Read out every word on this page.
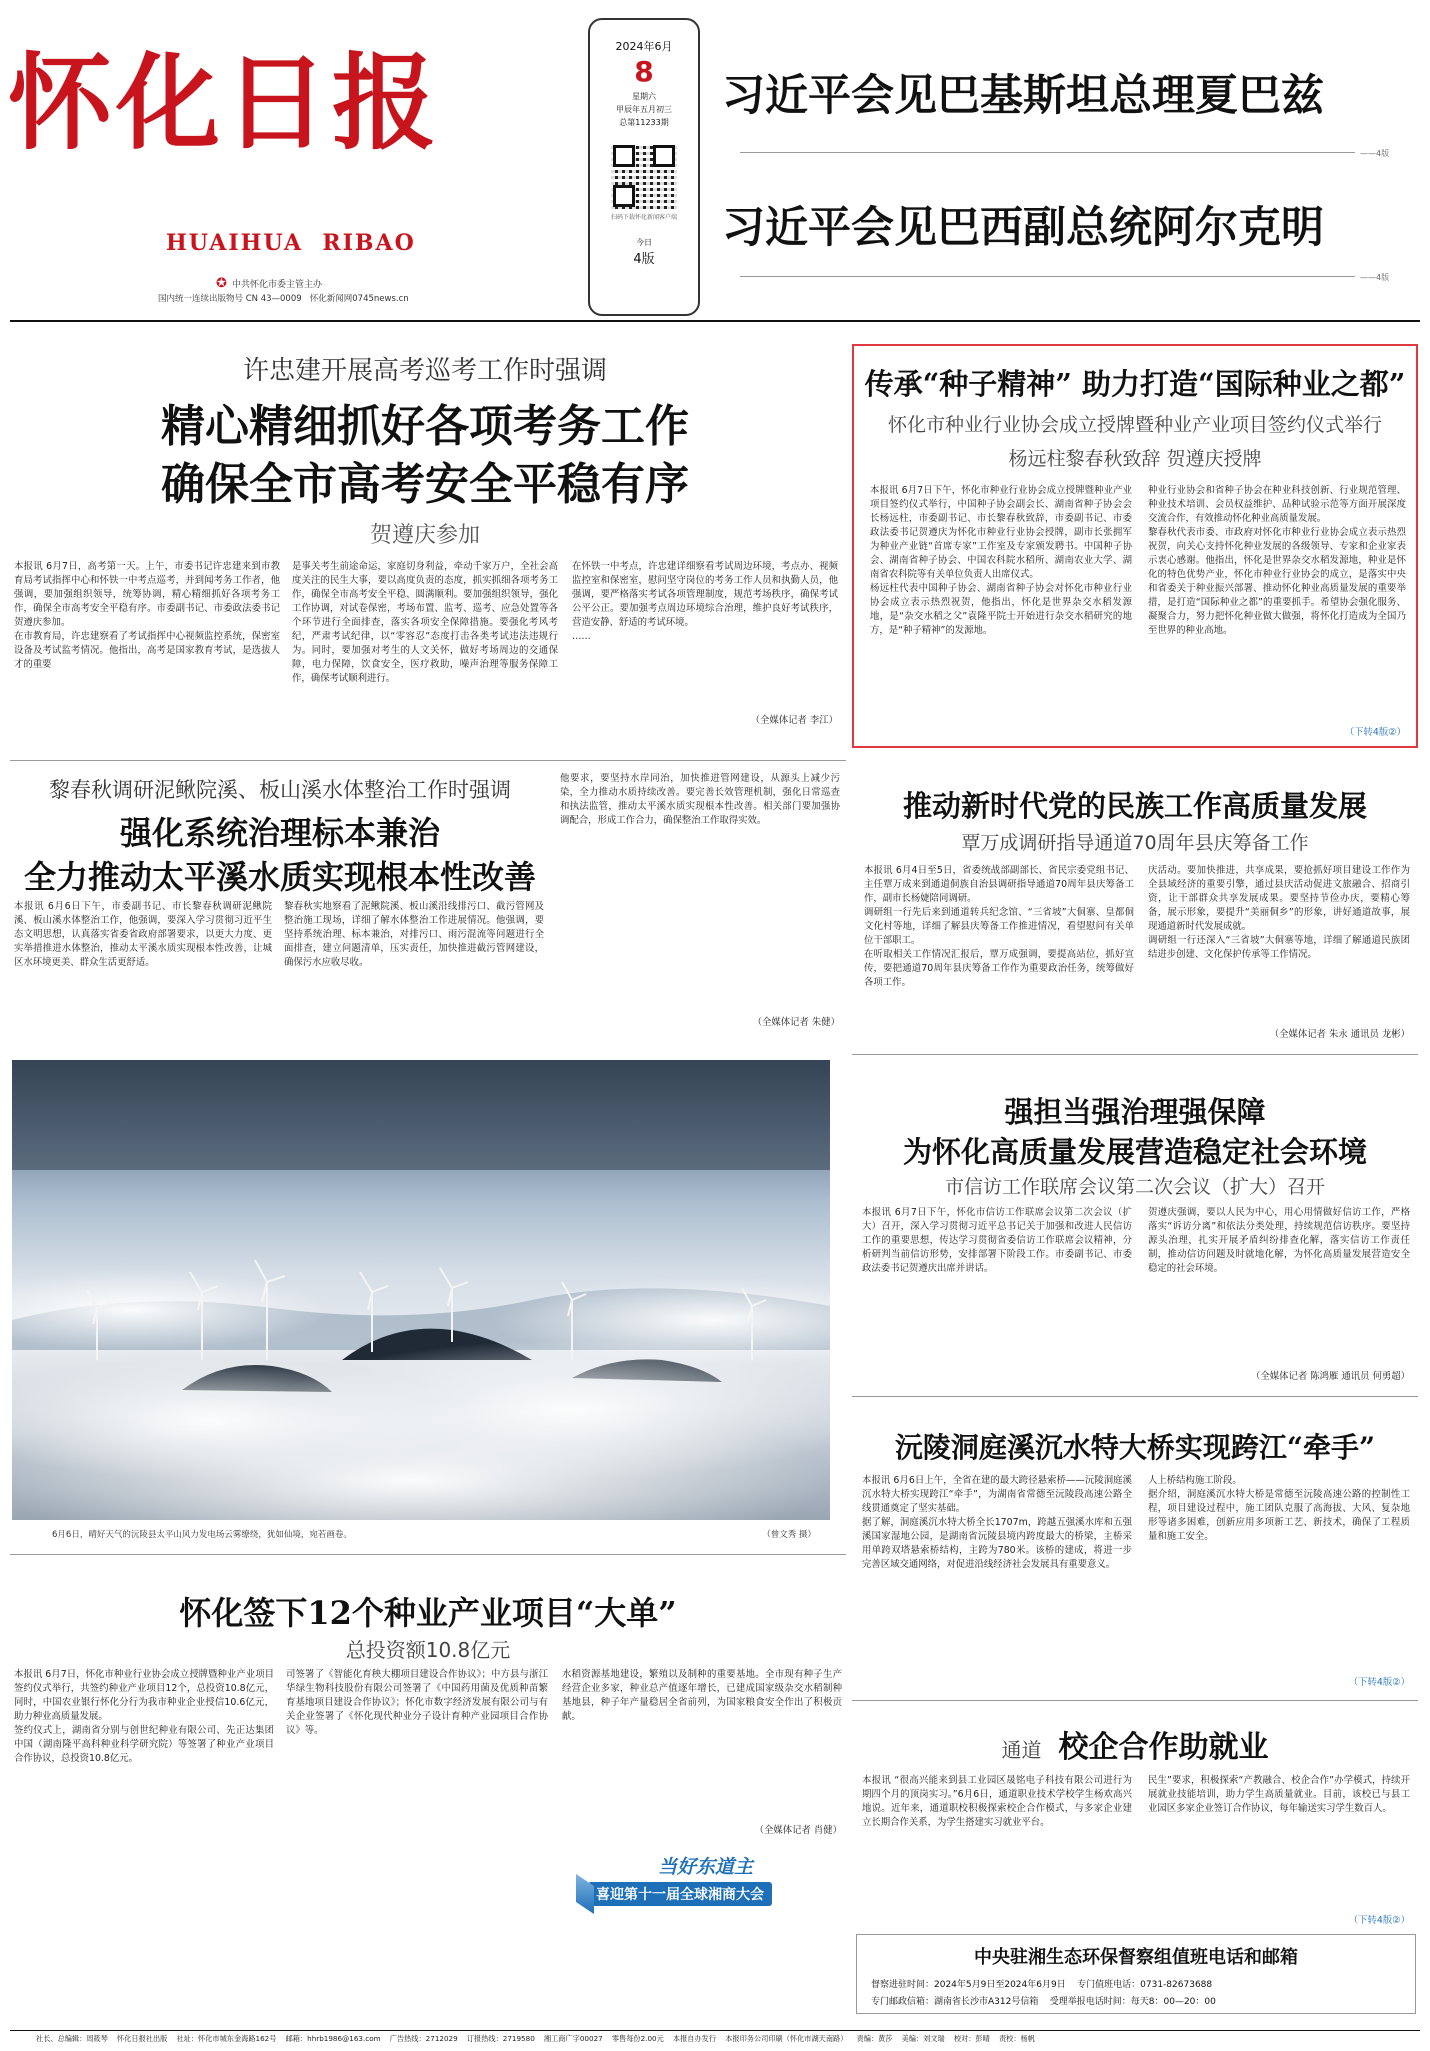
怀化日报
HUAIHUA  RIBAO
✪ 中共怀化市委主管主办
国内统一连续出版物号 CN 43—0009 怀化新闻网0745news.cn
2024年6月
8
星期六
甲辰年五月初三
总第11233期
扫码下载怀化新闻客户端
今日
4版
习近平会见巴基斯坦总理夏巴兹
——4版
习近平会见巴西副总统阿尔克明
——4版
许忠建开展高考巡考工作时强调
精心精细抓好各项考务工作
确保全市高考安全平稳有序
贺遵庆参加

本报讯 6月7日，高考第一天。上午，市委书记许忠建来到市教育局考试指挥中心和怀铁一中考点巡考，并到闻考务工作者，他强调，要加强组织领导，统筹协调，精心精细抓好各项考务工作，确保全市高考安全平稳有序。市委副书记、市委政法委书记贺遵庆参加。
在市教育局，许忠建察看了考试指挥中心视频监控系统，保密室设备及考试监考情况。他指出，高考是国家教育考试，是选拔人才的重要

是事关考生前途命运，家庭切身利益，牵动千家万户，全社会高度关注的民生大事，要以高度负责的态度，抓实抓细各项考务工作，确保全市高考安全平稳、圆满顺利。要加强组织领导，强化工作协调，对试卷保密，考场布置、监考、巡考、应急处置等各个环节进行全面排查，落实各项安全保障措施。要强化考风考纪，严肃考试纪律，以“零容忍”态度打击各类考试违法违规行为。同时，要加强对考生的人文关怀，做好考场周边的交通保障，电力保障，饮食安全，医疗救助，噪声治理等服务保障工作，确保考试顺利进行。

在怀铁一中考点，许忠建详细察看考试周边环境，考点办、视频监控室和保密室，慰问坚守岗位的考务工作人员和执勤人员，他强调，要严格落实考试各项管理制度，规范考场秩序，确保考试公平公正。要加强考点周边环境综合治理，维护良好考试秩序，营造安静、舒适的考试环境。
……

（全媒体记者 李江）
传承“种子精神” 助力打造“国际种业之都”
怀化市种业行业协会成立授牌暨种业产业项目签约仪式举行
杨远柱黎春秋致辞 贺遵庆授牌

本报讯 6月7日下午，怀化市种业行业协会成立授牌暨种业产业项目签约仪式举行，中国种子协会副会长、湖南省种子协会会长杨远柱，市委副书记、市长黎春秋致辞，市委副书记、市委政法委书记贺遵庆为怀化市种业行业协会授牌，副市长张拥军为种业产业链“首席专家”工作室及专家颁发聘书。中国种子协会、湖南省种子协会、中国农科院水稻所、湖南农业大学、湖南省农科院等有关单位负责人出席仪式。
杨远柱代表中国种子协会、湖南省种子协会对怀化市种业行业协会成立表示热烈祝贺，他指出，怀化是世界杂交水稻发源地，是“杂交水稻之父”袁隆平院士开始进行杂交水稻研究的地方，是“种子精神”的发源地。

种业行业协会和省种子协会在种业科技创新、行业规范管理、种业技术培训、会员权益维护、品种试验示范等方面开展深度交流合作，有效推动怀化种业高质量发展。
黎春秋代表市委、市政府对怀化市种业行业协会成立表示热烈祝贺，向关心支持怀化种业发展的各级领导、专家和企业家表示衷心感谢。他指出，怀化是世界杂交水稻发源地，种业是怀化的特色优势产业，怀化市种业行业协会的成立，是落实中央和省委关于种业振兴部署、推动怀化种业高质量发展的重要举措，是打造“国际种业之都”的重要抓手。希望协会强化服务、凝聚合力，努力把怀化种业做大做强，将怀化打造成为全国乃至世界的种业高地。

（下转4版②）
黎春秋调研泥鳅院溪、板山溪水体整治工作时强调
强化系统治理标本兼治
全力推动太平溪水质实现根本性改善

本报讯 6月6日下午，市委副书记、市长黎春秋调研泥鳅院溪、板山溪水体整治工作，他强调，要深入学习贯彻习近平生态文明思想，认真落实省委省政府部署要求，以更大力度、更实举措推进水体整治，推动太平溪水质实现根本性改善，让城区水环境更美、群众生活更舒适。

黎春秋实地察看了泥鳅院溪、板山溪沿线排污口、截污管网及整治施工现场，详细了解水体整治工作进展情况。他强调，要坚持系统治理、标本兼治，对排污口、雨污混流等问题进行全面排查，建立问题清单，压实责任，加快推进截污管网建设，确保污水应收尽收。

他要求，要坚持水岸同治，加快推进管网建设，从源头上减少污染，全力推动水质持续改善。要完善长效管理机制，强化日常巡查和执法监管，推动太平溪水质实现根本性改善。相关部门要加强协调配合，形成工作合力，确保整治工作取得实效。

（全媒体记者 朱健）
推动新时代党的民族工作高质量发展
覃万成调研指导通道70周年县庆筹备工作

本报讯 6月4日至5日，省委统战部副部长、省民宗委党组书记、主任覃万成来到通道侗族自治县调研指导通道70周年县庆筹备工作，副市长杨婕陪同调研。
调研组一行先后来到通道转兵纪念馆、“三省坡”大侗寨、皇都侗文化村等地，详细了解县庆筹备工作推进情况，看望慰问有关单位干部职工。
在听取相关工作情况汇报后，覃万成强调，要提高站位，抓好宣传，要把通道70周年县庆筹备工作作为重要政治任务，统筹做好各项工作。

庆活动。要加快推进，共享成果，要抢抓好项目建设工作作为全县域经济的重要引擎，通过县庆活动促进文旅融合、招商引资，让干部群众共享发展成果。要坚持节俭办庆，要精心筹备，展示形象，要提升“美丽侗乡”的形象，讲好通道故事，展现通道新时代发展成就。
调研组一行还深入“三省坡”大侗寨等地，详细了解通道民族团结进步创建、文化保护传承等工作情况。

（全媒体记者 朱永 通讯员 龙彬）
6月6日，晴好天气的沅陵县太平山风力发电场云雾缭绕，犹如仙境，宛若画卷。	（曾文秀 摄）
强担当强治理强保障
为怀化高质量发展营造稳定社会环境
市信访工作联席会议第二次会议（扩大）召开

本报讯 6月7日下午，怀化市信访工作联席会议第二次会议（扩大）召开，深入学习贯彻习近平总书记关于加强和改进人民信访工作的重要思想，传达学习贯彻省委信访工作联席会议精神，分析研判当前信访形势，安排部署下阶段工作。市委副书记、市委政法委书记贺遵庆出席并讲话。

贺遵庆强调，要以人民为中心，用心用情做好信访工作，严格落实“诉访分离”和依法分类处理，持续规范信访秩序。要坚持源头治理，扎实开展矛盾纠纷排查化解，落实信访工作责任制，推动信访问题及时就地化解，为怀化高质量发展营造安全稳定的社会环境。

（全媒体记者 陈鸿雁 通讯员 何勇超）
沅陵洞庭溪沉水特大桥实现跨江“牵手”

本报讯 6月6日上午，全省在建的最大跨径悬索桥——沅陵洞庭溪沉水特大桥实现跨江“牵手”，为湖南省常德至沅陵段高速公路全线贯通奠定了坚实基础。
据了解，洞庭溪沉水特大桥全长1707m，跨越五强溪水库和五强溪国家湿地公园，是湖南省沅陵县境内跨度最大的桥梁，主桥采用单跨双塔悬索桥结构，主跨为780米。该桥的建成，将进一步完善区域交通网络，对促进沿线经济社会发展具有重要意义。

人上桥结构施工阶段。
据介绍，洞庭溪沉水特大桥是常德至沅陵高速公路的控制性工程，项目建设过程中，施工团队克服了高海拔、大风、复杂地形等诸多困难，创新应用多项新工艺、新技术，确保了工程质量和施工安全。

（下转4版②）
怀化签下12个种业产业项目“大单”
总投资额10.8亿元

本报讯 6月7日，怀化市种业行业协会成立授牌暨种业产业项目签约仪式举行，共签约种业产业项目12个，总投资10.8亿元，同时，中国农业银行怀化分行为我市种业企业授信10.6亿元，助力种业高质量发展。
签约仪式上，湖南省分别与创世纪种业有限公司、先正达集团中国（湖南隆平高科种业科学研究院）等签署了种业产业项目合作协议，总投资10.8亿元。

司签署了《智能化育秧大棚项目建设合作协议》；中方县与浙江华绿生物科技股份有限公司签署了《中国药用菌及优质种苗繁育基地项目建设合作协议》；怀化市数字经济发展有限公司与有关企业签署了《怀化现代种业分子设计育种产业园项目合作协议》等。

水稻资源基地建设，繁殖以及制种的重要基地。全市现有种子生产经营企业多家，种业总产值逐年增长，已建成国家级杂交水稻制种基地县，种子年产量稳居全省前列，为国家粮食安全作出了积极贡献。

（全媒体记者 肖健）
当好东道主
喜迎第十一届全球湘商大会
通道 校企合作助就业

本报讯 “很高兴能来到县工业园区晟铭电子科技有限公司进行为期四个月的顶岗实习。”6月6日，通道职业技术学校学生杨欢高兴地说。近年来，通道职校积极探索校企合作模式，与多家企业建立长期合作关系，为学生搭建实习就业平台。

民生”要求，积极探索“产教融合、校企合作”办学模式，持续开展就业技能培训，助力学生高质量就业。目前，该校已与县工业园区多家企业签订合作协议，每年输送实习学生数百人。

（下转4版②）
中央驻湘生态环保督察组值班电话和邮箱
督察进驻时间：2024年5月9日至2024年6月9日    专门值班电话：0731-82673688
专门邮政信箱：湖南省长沙市A312号信箱    受理举报电话时间：每天8：00—20：00
社长、总编辑：周筱琴    怀化日报社出版    社址：怀化市城东金海路162号    邮箱：hhrb1986@163.com    广告热线：2712029    订报热线：2719580    湘工商广字00027    零售每份2.00元    本报自办发行    本报印务公司印刷（怀化市湖天南路）    责编：黄莎    美编：刘文瑞    校对：彭晴    责校：杨帆
